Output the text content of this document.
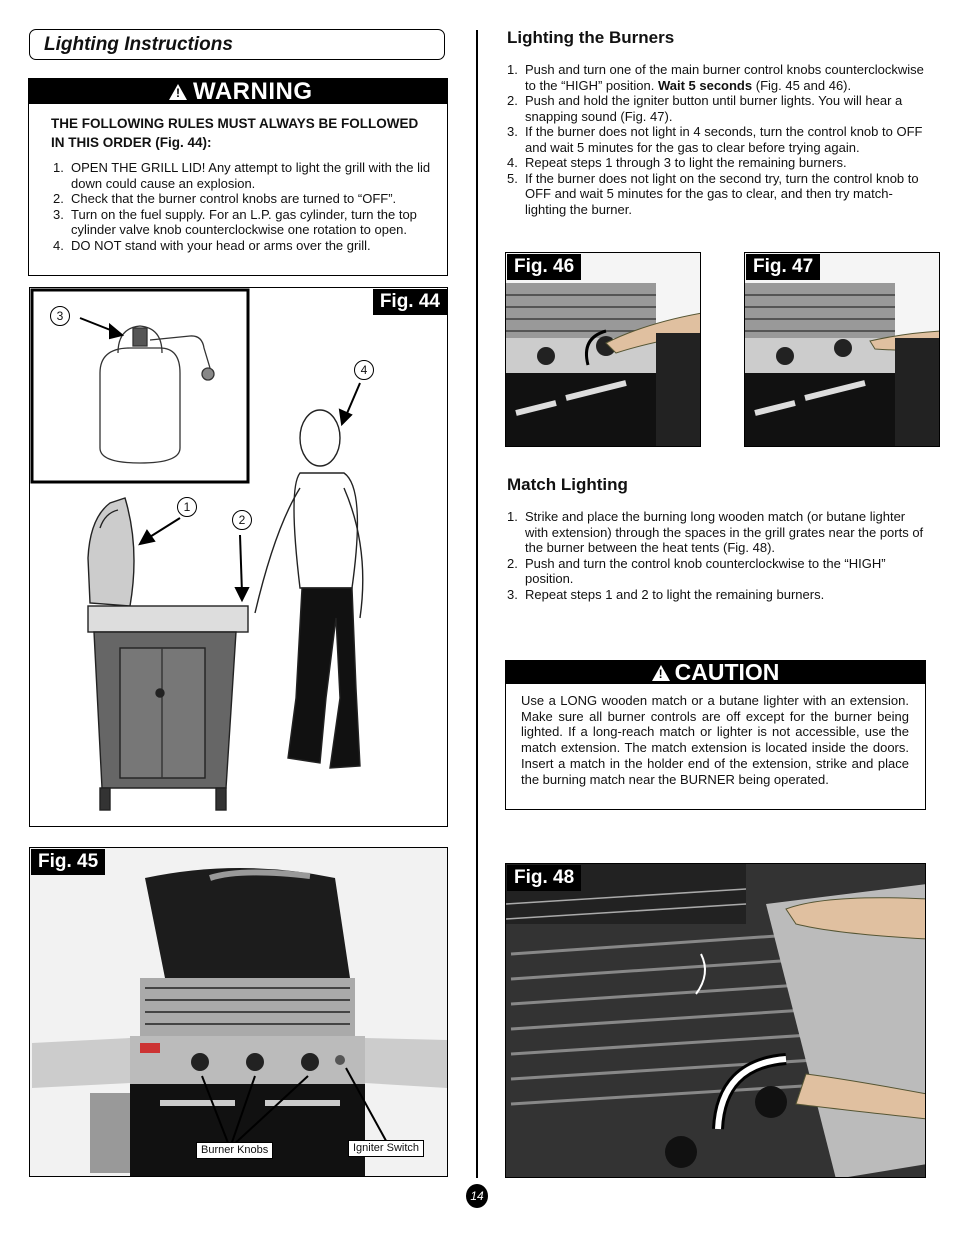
Lighting Instructions
! WARNING
THE FOLLOWING RULES MUST ALWAYS BE FOLLOWED IN THIS ORDER (Fig. 44):
1. OPEN THE GRILL LID! Any attempt to light the grill with the lid down could cause an explosion.
2. Check that the burner control knobs are turned to “OFF”.
3. Turn on the fuel supply. For an L.P. gas cylinder, turn the top cylinder valve knob counterclockwise one rotation to open.
4. DO NOT stand with your head or arms over the grill.
Fig. 44
3
4
1
2
Fig. 45
Burner Knobs	Igniter Switch
Lighting the Burners
1. Push and turn one of the main burner control knobs counterclockwise to the “HIGH” position. Wait 5 seconds (Fig. 45 and 46).
2. Push and hold the igniter button until burner lights. You will hear a snapping sound (Fig. 47).
3. If the burner does not light in 4 seconds, turn the control knob to OFF and wait 5 minutes for the gas to clear before trying again.
4. Repeat steps 1 through 3 to light the remaining burners.
5. If the burner does not light on the second try, turn the control knob to OFF and wait 5 minutes for the gas to clear, and then try match-lighting the burner.
Fig. 46	Fig. 47
Match Lighting
1. Strike and place the burning long wooden match (or butane lighter with extension) through the spaces in the grill grates near the ports of the burner between the heat tents (Fig. 48).
2. Push and turn the control knob counterclockwise to the “HIGH” position.
3. Repeat steps 1 and 2 to light the remaining burners.
! CAUTION
Use a LONG wooden match or a butane lighter with an extension. Make sure all burner controls are off except for the burner being lighted. If a long-reach match or lighter is not accessible, use the match extension. The match extension is located inside the doors. Insert a match in the holder end of the extension, strike and place the burning match near the BURNER being operated.
Fig. 48
14
